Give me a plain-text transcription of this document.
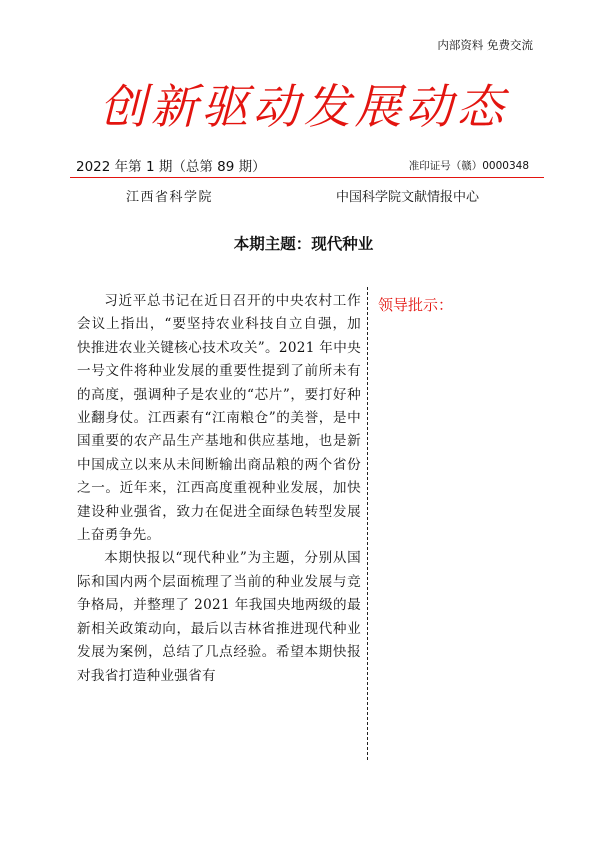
内部资料 免费交流
创新驱动发展动态
2022 年第 1 期（总第 89 期）	准印证号（赣）0000348
江西省科学院	中国科学院文献情报中心
本期主题：现代种业

习近平总书记在近日召开的中央农村工作会议上指出，“要坚持农业科技自立自强，加快推进农业关键核心技术攻关”。2021 年中央一号文件将种业发展的重要性提到了前所未有的高度，强调种子是农业的“芯片”，要打好种业翻身仗。江西素有“江南粮仓”的美誉，是中国重要的农产品生产基地和供应基地，也是新中国成立以来从未间断输出商品粮的两个省份之一。近年来，江西高度重视种业发展，加快建设种业强省，致力在促进全面绿色转型发展上奋勇争先。

本期快报以“现代种业”为主题，分别从国际和国内两个层面梳理了当前的种业发展与竞争格局，并整理了 2021 年我国央地两级的最新相关政策动向，最后以吉林省推进现代种业发展为案例，总结了几点经验。希望本期快报对我省打造种业强省有

领导批示：
